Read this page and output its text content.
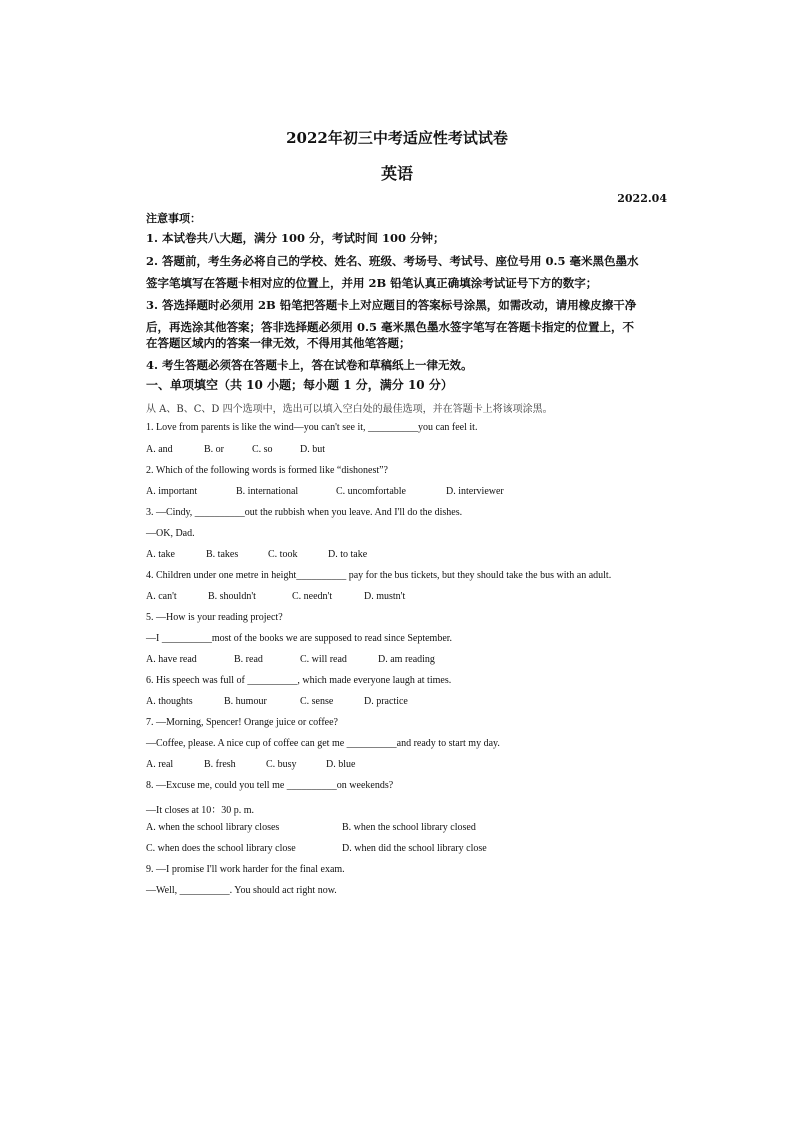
2022年初三中考适应性考试试卷
英语
2022.04
注意事项：
1. 本试卷共八大题，满分 100 分，考试时间 100 分钟；
2. 答题前，考生务必将自己的学校、姓名、班级、考场号、考试号、座位号用 0.5 毫米黑色墨水
签字笔填写在答题卡相对应的位置上，并用 2B 铅笔认真正确填涂考试证号下方的数字；
3. 答选择题时必须用 2B 铅笔把答题卡上对应题目的答案标号涂黑，如需改动，请用橡皮擦干净
后，再选涂其他答案；答非选择题必须用 0.5 毫米黑色墨水签字笔写在答题卡指定的位置上，不
在答题区域内的答案一律无效，不得用其他笔答题；
4. 考生答题必须答在答题卡上，答在试卷和草稿纸上一律无效。
一、单项填空（共 10 小题；每小题 1 分，满分 10 分）
从 A、B、C、D 四个选项中，选出可以填入空白处的最佳选项，并在答题卡上将该项涂黑。
1. Love from parents is like the wind—you can't see it, __________you can feel it.
A. and	B. or	C. so	D. but
2. Which of the following words is formed like “dishonest”?
A. important	B. international	C. uncomfortable	D. interviewer
3. —Cindy, __________out the rubbish when you leave. And I'll do the dishes.
—OK, Dad.
A. take	B. takes	C. took	D. to take
4. Children under one metre in height__________ pay for the bus tickets, but they should take the bus with an adult.
A. can't	B. shouldn't	C. needn't	D. mustn't
5. —How is your reading project?
—I __________most of the books we are supposed to read since September.
A. have read	B. read	C. will read	D. am reading
6. His speech was full of __________, which made everyone laugh at times.
A. thoughts	B. humour	C. sense	D. practice
7. —Morning, Spencer! Orange juice or coffee?
—Coffee, please. A nice cup of coffee can get me __________and ready to start my day.
A. real	B. fresh	C. busy	D. blue
8. —Excuse me, could you tell me __________on weekends?
—It closes at 10：30 p. m.
A. when the school library closes	B. when the school library closed
C. when does the school library close	D. when did the school library close
9. —I promise I'll work harder for the final exam.
—Well, __________. You should act right now.
